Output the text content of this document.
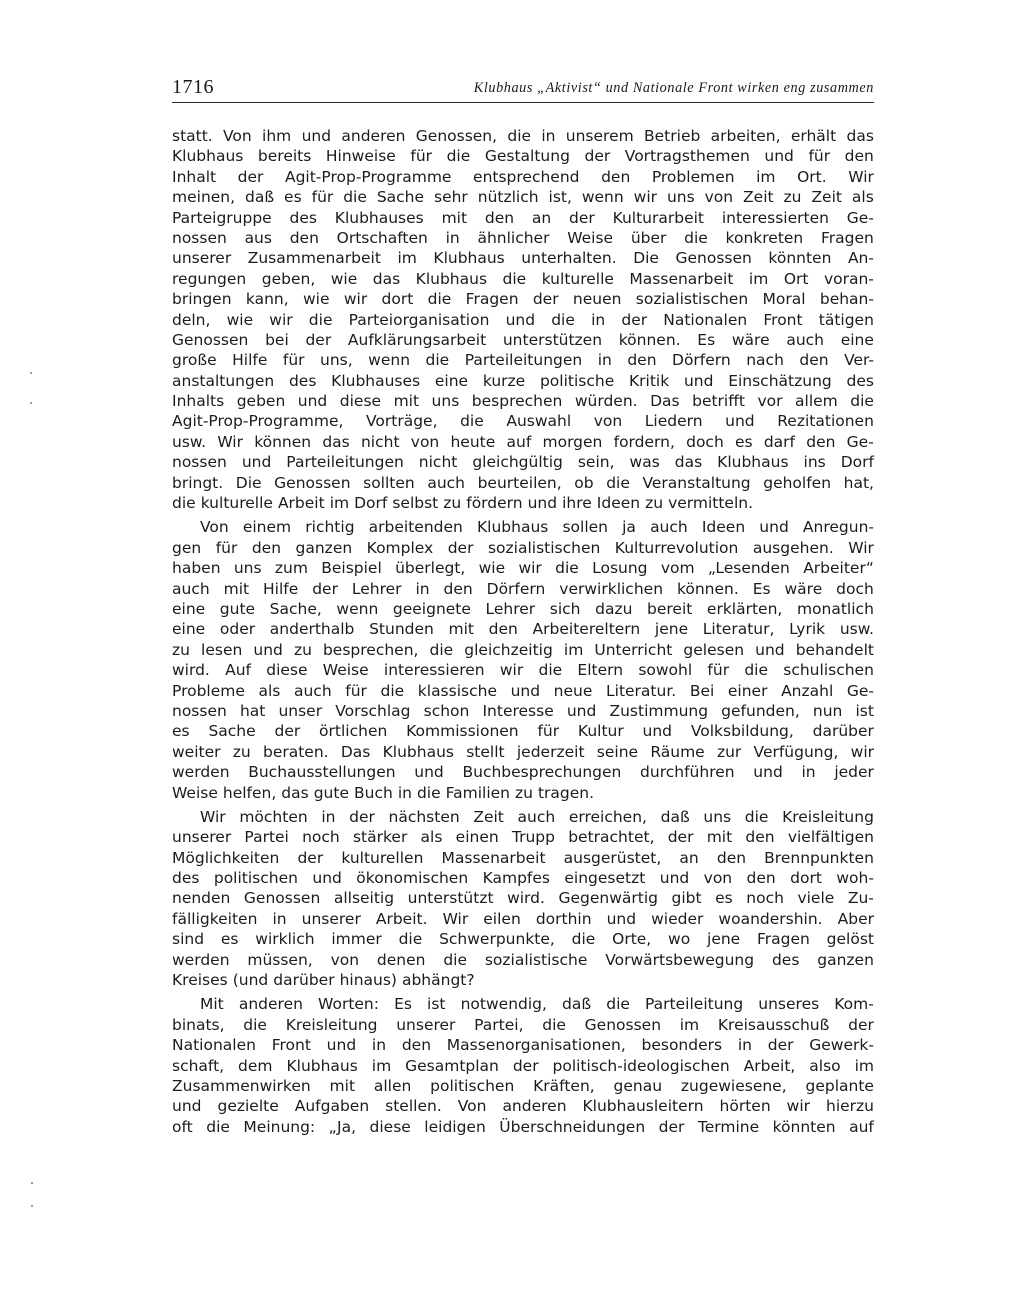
1716	Klubhaus „Aktivist“ und Nationale Front wirken eng zusammen
statt. Von ihm und anderen Genossen, die in unserem Betrieb arbeiten, erhält das
Klubhaus bereits Hinweise für die Gestaltung der Vortragsthemen und für den
Inhalt der Agit-Prop-Programme entsprechend den Problemen im Ort. Wir
meinen, daß es für die Sache sehr nützlich ist, wenn wir uns von Zeit zu Zeit als
Parteigruppe des Klubhauses mit den an der Kulturarbeit interessierten Ge-
nossen aus den Ortschaften in ähnlicher Weise über die konkreten Fragen
unserer Zusammenarbeit im Klubhaus unterhalten. Die Genossen könnten An-
regungen geben, wie das Klubhaus die kulturelle Massenarbeit im Ort voran-
bringen kann, wie wir dort die Fragen der neuen sozialistischen Moral behan-
deln, wie wir die Parteiorganisation und die in der Nationalen Front tätigen
Genossen bei der Aufklärungsarbeit unterstützen können. Es wäre auch eine
große Hilfe für uns, wenn die Parteileitungen in den Dörfern nach den Ver-
anstaltungen des Klubhauses eine kurze politische Kritik und Einschätzung des
Inhalts geben und diese mit uns besprechen würden. Das betrifft vor allem die
Agit-Prop-Programme, Vorträge, die Auswahl von Liedern und Rezitationen
usw. Wir können das nicht von heute auf morgen fordern, doch es darf den Ge-
nossen und Parteileitungen nicht gleichgültig sein, was das Klubhaus ins Dorf
bringt. Die Genossen sollten auch beurteilen, ob die Veranstaltung geholfen hat,
die kulturelle Arbeit im Dorf selbst zu fördern und ihre Ideen zu vermitteln.
Von einem richtig arbeitenden Klubhaus sollen ja auch Ideen und Anregun-
gen für den ganzen Komplex der sozialistischen Kulturrevolution ausgehen. Wir
haben uns zum Beispiel überlegt, wie wir die Losung vom „Lesenden Arbeiter“
auch mit Hilfe der Lehrer in den Dörfern verwirklichen können. Es wäre doch
eine gute Sache, wenn geeignete Lehrer sich dazu bereit erklärten, monatlich
eine oder anderthalb Stunden mit den Arbeitereltern jene Literatur, Lyrik usw.
zu lesen und zu besprechen, die gleichzeitig im Unterricht gelesen und behandelt
wird. Auf diese Weise interessieren wir die Eltern sowohl für die schulischen
Probleme als auch für die klassische und neue Literatur. Bei einer Anzahl Ge-
nossen hat unser Vorschlag schon Interesse und Zustimmung gefunden, nun ist
es Sache der örtlichen Kommissionen für Kultur und Volksbildung, darüber
weiter zu beraten. Das Klubhaus stellt jederzeit seine Räume zur Verfügung, wir
werden Buchausstellungen und Buchbesprechungen durchführen und in jeder
Weise helfen, das gute Buch in die Familien zu tragen.
Wir möchten in der nächsten Zeit auch erreichen, daß uns die Kreisleitung
unserer Partei noch stärker als einen Trupp betrachtet, der mit den vielfältigen
Möglichkeiten der kulturellen Massenarbeit ausgerüstet, an den Brennpunkten
des politischen und ökonomischen Kampfes eingesetzt und von den dort woh-
nenden Genossen allseitig unterstützt wird. Gegenwärtig gibt es noch viele Zu-
fälligkeiten in unserer Arbeit. Wir eilen dorthin und wieder woandershin. Aber
sind es wirklich immer die Schwerpunkte, die Orte, wo jene Fragen gelöst
werden müssen, von denen die sozialistische Vorwärtsbewegung des ganzen
Kreises (und darüber hinaus) abhängt?
Mit anderen Worten: Es ist notwendig, daß die Parteileitung unseres Kom-
binats, die Kreisleitung unserer Partei, die Genossen im Kreisausschuß der
Nationalen Front und in den Massenorganisationen, besonders in der Gewerk-
schaft, dem Klubhaus im Gesamtplan der politisch-ideologischen Arbeit, also im
Zusammenwirken mit allen politischen Kräften, genau zugewiesene, geplante
und gezielte Aufgaben stellen. Von anderen Klubhausleitern hörten wir hierzu
oft die Meinung: „Ja, diese leidigen Überschneidungen der Termine könnten auf
